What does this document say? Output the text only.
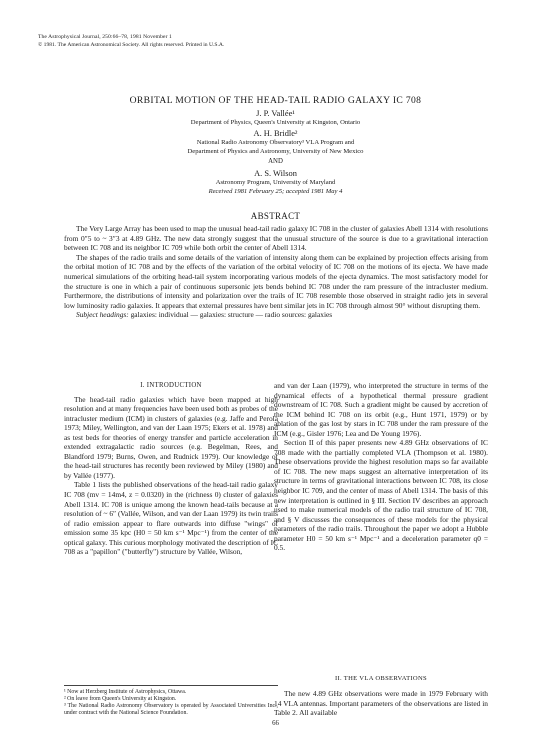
The Astrophysical Journal, 250:66–78, 1981 November 1
© 1981. The American Astronomical Society. All rights reserved. Printed in U.S.A.
ORBITAL MOTION OF THE HEAD-TAIL RADIO GALAXY IC 708
J. P. Vallée¹
Department of Physics, Queen's University at Kingston, Ontario
A. H. Bridle²
National Radio Astronomy Observatory³ VLA Program and
Department of Physics and Astronomy, University of New Mexico
AND
A. S. Wilson
Astronomy Program, University of Maryland
Received 1981 February 25; accepted 1981 May 4
ABSTRACT

The Very Large Array has been used to map the unusual head-tail radio galaxy IC 708 in the cluster of galaxies Abell 1314 with resolutions from 0″5 to ~ 3″3 at 4.89 GHz. The new data strongly suggest that the unusual structure of the source is due to a gravitational interaction between IC 708 and its neighbor IC 709 while both orbit the center of Abell 1314.

The shapes of the radio trails and some details of the variation of intensity along them can be explained by projection effects arising from the orbital motion of IC 708 and by the effects of the variation of the orbital velocity of IC 708 on the motions of its ejecta. We have made numerical simulations of the orbiting head-tail system incorporating various models of the ejecta dynamics. The most satisfactory model for the structure is one in which a pair of continuous supersonic jets bends behind IC 708 under the ram pressure of the intracluster medium. Furthermore, the distributions of intensity and polarization over the trails of IC 708 resemble those observed in straight radio jets in several low luminosity radio galaxies. It appears that external pressures have bent similar jets in IC 708 through almost 90° without disrupting them.

Subject headings: galaxies: individual — galaxies: structure — radio sources: galaxies

I. INTRODUCTION

The head-tail radio galaxies which have been mapped at high resolution and at many frequencies have been used both as probes of the intracluster medium (ICM) in clusters of galaxies (e.g. Jaffe and Perola 1973; Miley, Wellington, and van der Laan 1975; Ekers et al. 1978) and as test beds for theories of energy transfer and particle acceleration in extended extragalactic radio sources (e.g. Begelman, Rees, and Blandford 1979; Burns, Owen, and Rudnick 1979). Our knowledge of the head-tail structures has recently been reviewed by Miley (1980) and by Vallée (1977).

Table 1 lists the published observations of the head-tail radio galaxy IC 708 (mv = 14m4, z = 0.0320) in the (richness 0) cluster of galaxies Abell 1314. IC 708 is unique among the known head-tails because at a resolution of ~ 6″ (Vallée, Wilson, and van der Laan 1979) its twin trails of radio emission appear to flare outwards into diffuse "wings" of emission some 35 kpc (H0 = 50 km s⁻¹ Mpc⁻¹) from the center of the optical galaxy. This curious morphology motivated the description of IC 708 as a "papillon" ("butterfly") structure by Vallée, Wilson,

and van der Laan (1979), who interpreted the structure in terms of the dynamical effects of a hypothetical thermal pressure gradient downstream of IC 708. Such a gradient might be caused by accretion of the ICM behind IC 708 on its orbit (e.g., Hunt 1971, 1979) or by ablation of the gas lost by stars in IC 708 under the ram pressure of the ICM (e.g., Gisler 1976; Lea and De Young 1976).

Section II of this paper presents new 4.89 GHz observations of IC 708 made with the partially completed VLA (Thompson et al. 1980). These observations provide the highest resolution maps so far available of IC 708. The new maps suggest an alternative interpretation of its structure in terms of gravitational interactions between IC 708, its close neighbor IC 709, and the center of mass of Abell 1314. The basis of this new interpretation is outlined in § III. Section IV describes an approach used to make numerical models of the radio trail structure of IC 708, and § V discusses the consequences of these models for the physical parameters of the radio trails. Throughout the paper we adopt a Hubble parameter H0 = 50 km s⁻¹ Mpc⁻¹ and a deceleration parameter q0 = 0.5.

¹ Now at Herzberg Institute of Astrophysics, Ottawa.
² On leave from Queen's University at Kingston.
³ The National Radio Astronomy Observatory is operated by Associated Universities Inc., under contract with the National Science Foundation.
II. THE VLA OBSERVATIONS

The new 4.89 GHz observations were made in 1979 February with 14 VLA antennas. Important parameters of the observations are listed in Table 2. All available

66
